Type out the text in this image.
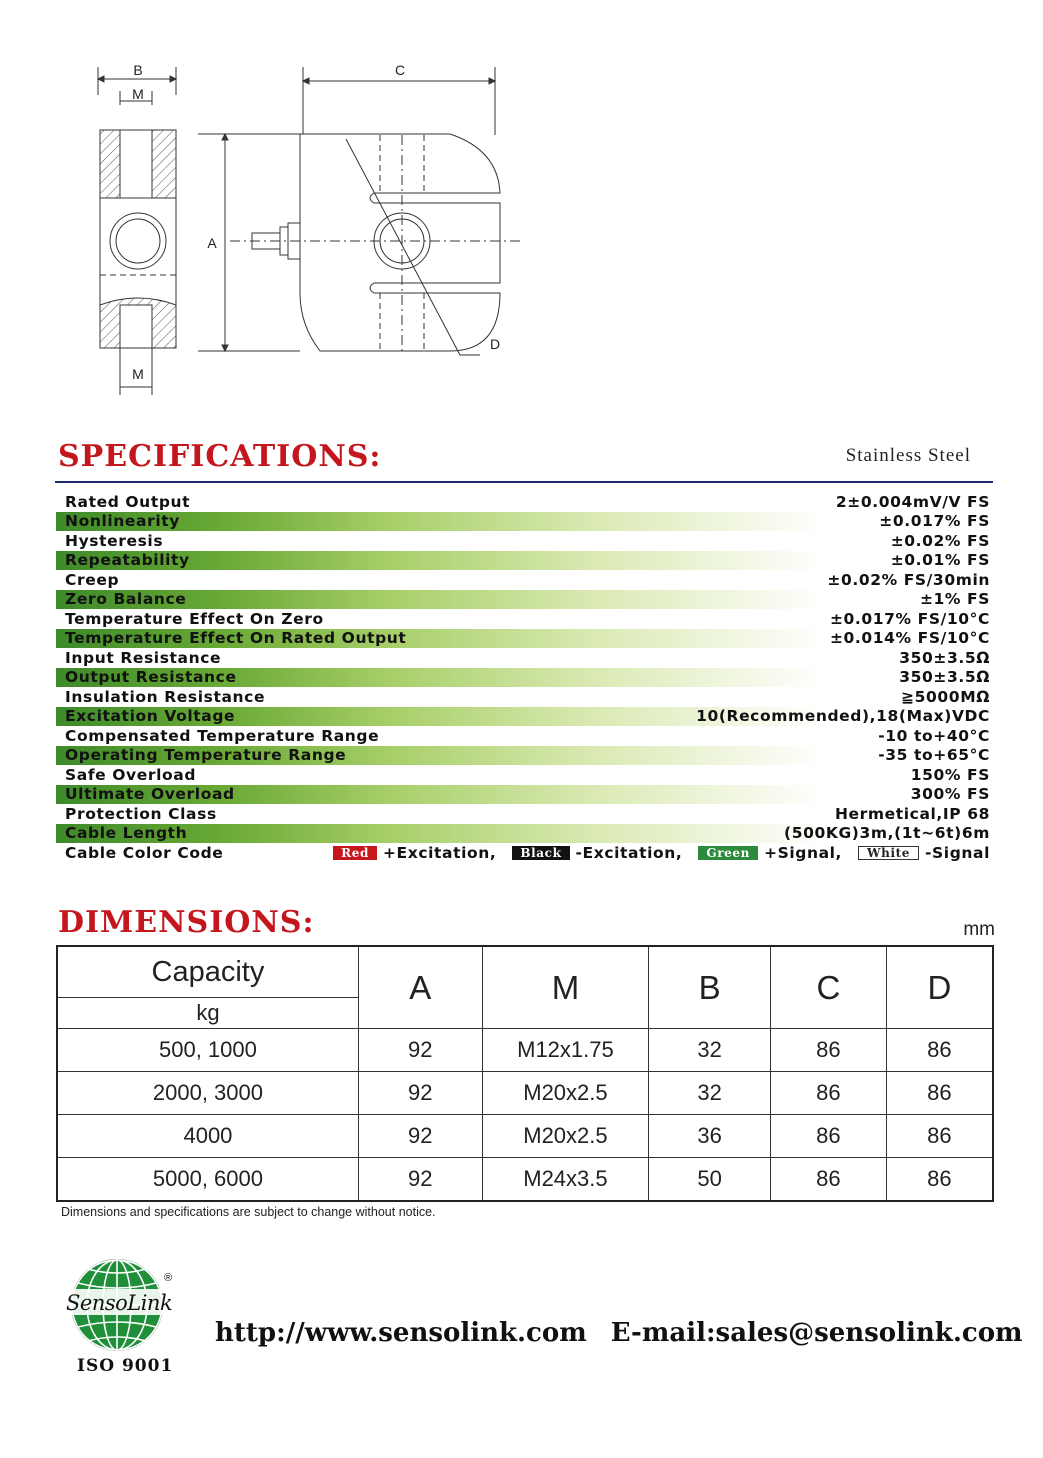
B
M
M
C
A
D
SPECIFICATIONS:	Stainless Steel
Rated Output	2±0.004mV/V FS
Nonlinearity	±0.017% FS
Hysteresis	±0.02% FS
Repeatability	±0.01% FS
Creep	±0.02% FS/30min
Zero Balance	±1% FS
Temperature Effect On Zero	±0.017% FS/10°C
Temperature Effect On Rated Output	±0.014% FS/10°C
Input Resistance	350±3.5Ω
Output Resistance	350±3.5Ω
Insulation Resistance	≧5000MΩ
Excitation Voltage	10(Recommended),18(Max)VDC
Compensated Temperature Range	-10 to+40°C
Operating Temperature Range	-35 to+65°C
Safe Overload	150% FS
Ultimate Overload	300% FS
Protection Class	Hermetical,IP 68
Cable Length	(500KG)3m,(1t~6t)6m
Cable Color Code	Red +Excitation,	Black -Excitation,	Green +Signal,	White -Signal
DIMENSIONS:	mm
Capacity	A	M	B	C	D
kg					
500, 1000	92	M12x1.75	32	86	86
2000, 3000	92	M20x2.5	32	86	86
4000	92	M20x2.5	36	86	86
5000, 6000	92	M24x3.5	50	86	86
Dimensions and specifications are subject to change without notice.
SensoLink
®
ISO 9001
http://www.sensolink.com E-mail:sales@sensolink.com
